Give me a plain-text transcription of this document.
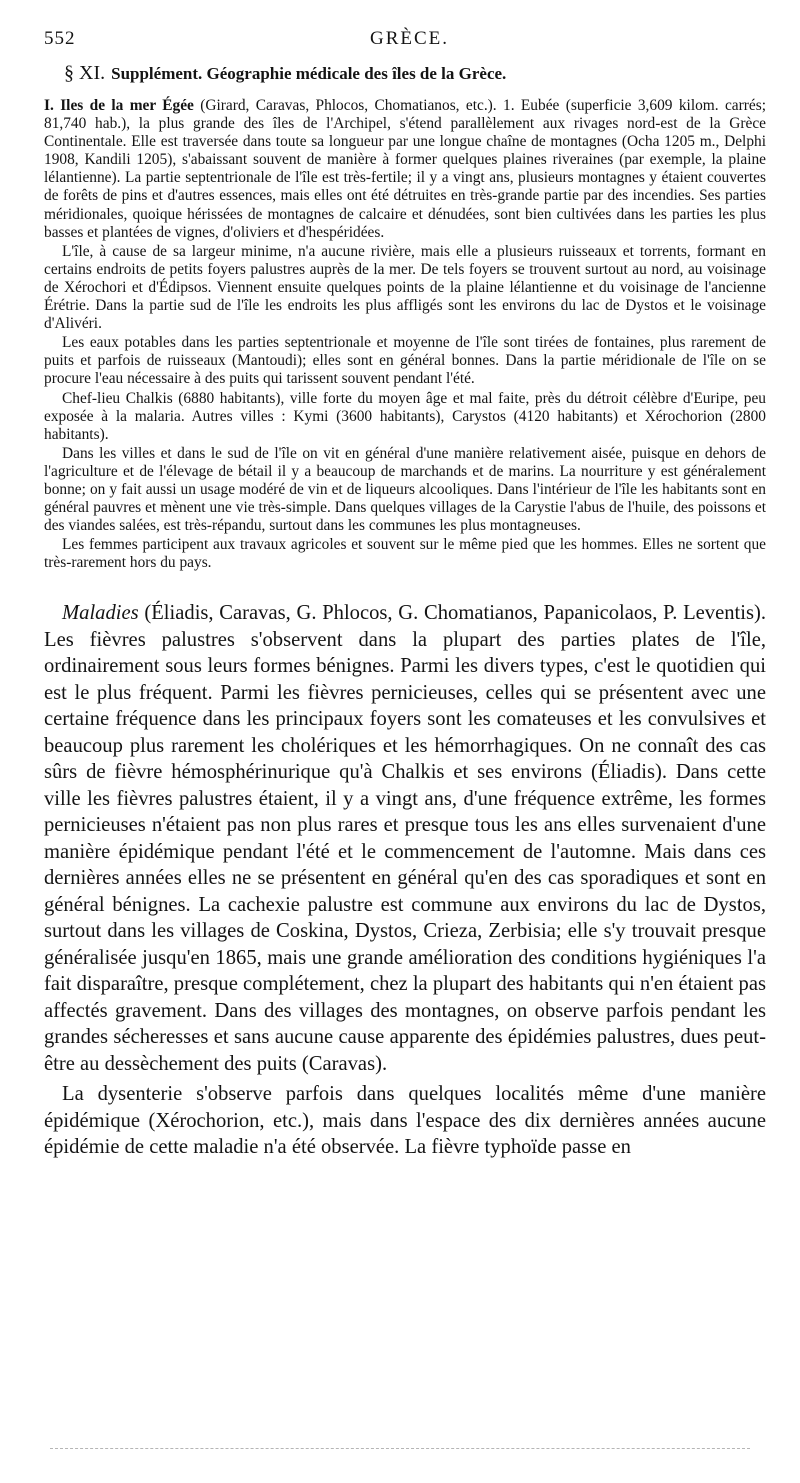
552	GRÈCE.
§ XI. Supplément. Géographie médicale des îles de la Grèce.

I. Iles de la mer Égée (Girard, Caravas, Phlocos, Chomatianos, etc.). 1. Eubée (superficie 3,609 kilom. carrés; 81,740 hab.), la plus grande des îles de l'Archipel, s'étend parallèlement aux rivages nord-est de la Grèce Continentale. Elle est traversée dans toute sa longueur par une longue chaîne de montagnes (Ocha 1205 m., Delphi 1908, Kandili 1205), s'abaissant souvent de manière à former quelques plaines riveraines (par exemple, la plaine lélantienne). La partie septentrionale de l'île est très-fertile; il y a vingt ans, plusieurs montagnes y étaient couvertes de forêts de pins et d'autres essences, mais elles ont été détruites en très-grande partie par des incendies. Ses parties méridionales, quoique hérissées de montagnes de calcaire et dénudées, sont bien cultivées dans les parties les plus basses et plantées de vignes, d'oliviers et d'hespéridées.

L'île, à cause de sa largeur minime, n'a aucune rivière, mais elle a plusieurs ruisseaux et torrents, formant en certains endroits de petits foyers palustres auprès de la mer. De tels foyers se trouvent surtout au nord, au voisinage de Xérochori et d'Édipsos. Viennent ensuite quelques points de la plaine lélantienne et du voisinage de l'ancienne Érétrie. Dans la partie sud de l'île les endroits les plus affligés sont les environs du lac de Dystos et le voisinage d'Alivéri.

Les eaux potables dans les parties septentrionale et moyenne de l'île sont tirées de fontaines, plus rarement de puits et parfois de ruisseaux (Mantoudi); elles sont en général bonnes. Dans la partie méridionale de l'île on se procure l'eau nécessaire à des puits qui tarissent souvent pendant l'été.

Chef-lieu Chalkis (6880 habitants), ville forte du moyen âge et mal faite, près du détroit célèbre d'Euripe, peu exposée à la malaria. Autres villes : Kymi (3600 habitants), Carystos (4120 habitants) et Xérochorion (2800 habitants).

Dans les villes et dans le sud de l'île on vit en général d'une manière relativement aisée, puisque en dehors de l'agriculture et de l'élevage de bétail il y a beaucoup de marchands et de marins. La nourriture y est généralement bonne; on y fait aussi un usage modéré de vin et de liqueurs alcooliques. Dans l'intérieur de l'île les habitants sont en général pauvres et mènent une vie très-simple. Dans quelques villages de la Carystie l'abus de l'huile, des poissons et des viandes salées, est très-répandu, surtout dans les communes les plus montagneuses.

Les femmes participent aux travaux agricoles et souvent sur le même pied que les hommes. Elles ne sortent que très-rarement hors du pays.

Maladies (Éliadis, Caravas, G. Phlocos, G. Chomatianos, Papanicolaos, P. Leventis). Les fièvres palustres s'observent dans la plupart des parties plates de l'île, ordinairement sous leurs formes bénignes. Parmi les divers types, c'est le quotidien qui est le plus fréquent. Parmi les fièvres pernicieuses, celles qui se présentent avec une certaine fréquence dans les principaux foyers sont les comateuses et les convulsives et beaucoup plus rarement les cholériques et les hémorrhagiques. On ne connaît des cas sûrs de fièvre hémosphérinurique qu'à Chalkis et ses environs (Éliadis). Dans cette ville les fièvres palustres étaient, il y a vingt ans, d'une fréquence extrême, les formes pernicieuses n'étaient pas non plus rares et presque tous les ans elles survenaient d'une manière épidémique pendant l'été et le commencement de l'automne. Mais dans ces dernières années elles ne se présentent en général qu'en des cas sporadiques et sont en général bénignes. La cachexie palustre est commune aux environs du lac de Dystos, surtout dans les villages de Coskina, Dystos, Crieza, Zerbisia; elle s'y trouvait presque généralisée jusqu'en 1865, mais une grande amélioration des conditions hygiéniques l'a fait disparaître, presque complétement, chez la plupart des habitants qui n'en étaient pas affectés gravement. Dans des villages des montagnes, on observe parfois pendant les grandes sécheresses et sans aucune cause apparente des épidémies palustres, dues peut-être au dessèchement des puits (Caravas).

La dysenterie s'observe parfois dans quelques localités même d'une manière épidémique (Xérochorion, etc.), mais dans l'espace des dix dernières années aucune épidémie de cette maladie n'a été observée. La fièvre typhoïde passe en
